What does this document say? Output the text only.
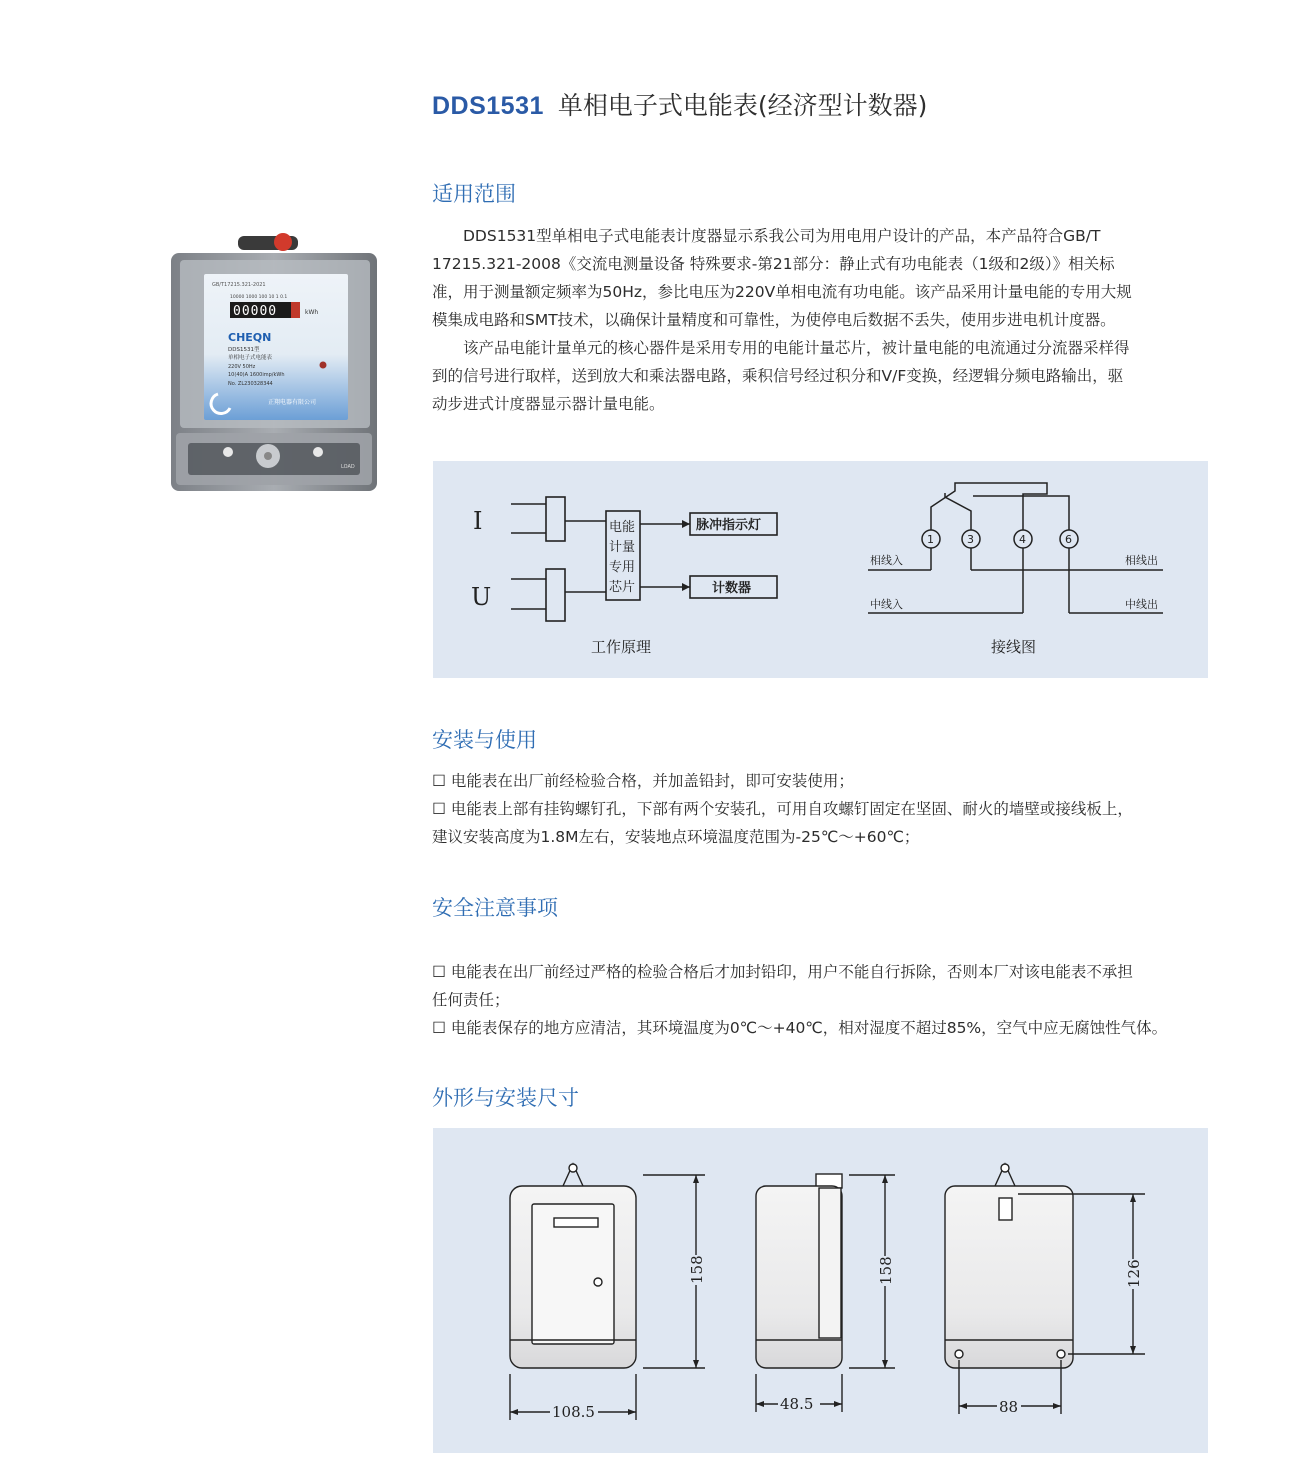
DDS1531 单相电子式电能表(经济型计数器)
GB/T17215.321-2021
10000 1000 100 10 1 0.1
00000	kWh
CHEQN
DDS1531型
单相电子式电能表
220V 50Hz
10(40)A 1600imp/kWh
No. ZL230328344
正翔电器有限公司
LOAD
适用范围

DDS1531型单相电子式电能表计度器显示系我公司为用电用户设计的产品，本产品符合GB/T

17215.321-2008《交流电测量设备 特殊要求-第21部分：静止式有功电能表（1级和2级）》相关标

准，用于测量额定频率为50Hz，参比电压为220V单相电流有功电能。该产品采用计量电能的专用大规

模集成电路和SMT技术，以确保计量精度和可靠性，为使停电后数据不丢失，使用步进电机计度器。

该产品电能计量单元的核心器件是采用专用的电能计量芯片，被计量电能的电流通过分流器采样得

到的信号进行取样，送到放大和乘法器电路，乘积信号经过积分和V/F变换，经逻辑分频电路输出，驱

动步进式计度器显示器计量电能。

I
U
电能
计量
专用
芯片
脉冲指示灯
计数器
工作原理
1	3	4	6
相线入	相线出
中线入	中线出
接线图
安装与使用

☐ 电能表在出厂前经检验合格，并加盖铅封，即可安装使用；

☐ 电能表上部有挂钩螺钉孔，下部有两个安装孔，可用自攻螺钉固定在坚固、耐火的墙壁或接线板上，

建议安装高度为1.8M左右，安装地点环境温度范围为-25℃～+60℃；

安全注意事项

☐ 电能表在出厂前经过严格的检验合格后才加封铅印，用户不能自行拆除，否则本厂对该电能表不承担

任何责任；

☐ 电能表保存的地方应清洁，其环境温度为0℃～+40℃，相对湿度不超过85%，空气中应无腐蚀性气体。

外形与安装尺寸
108.5
158
48.5
158
88
126
